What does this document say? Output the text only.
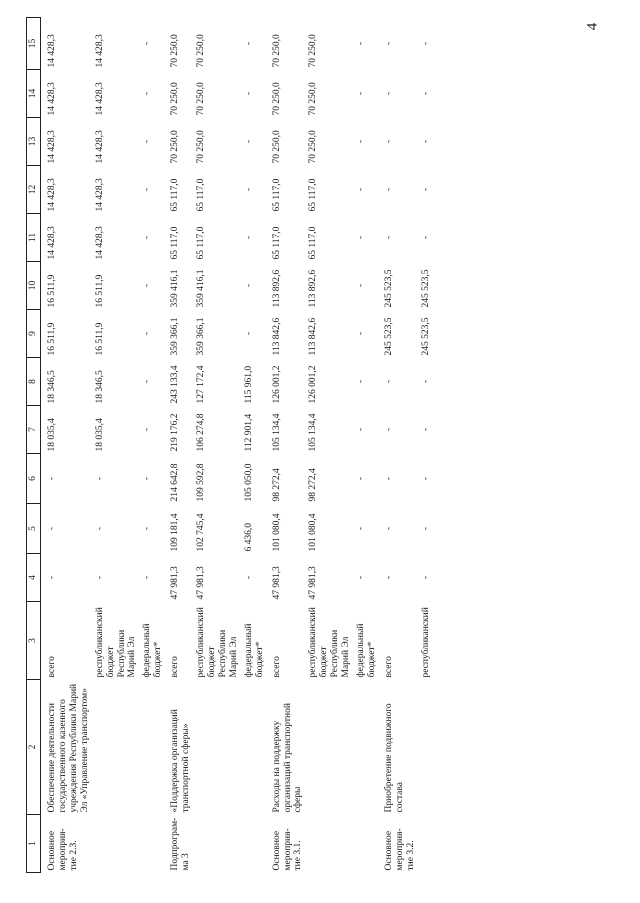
4
1	2	3	4	5	6	7	8	9	10	11	12	13	14	15
Основное мероприя-тие 2.3.	Обеспечение деятельности государственного казенного учреждения Республики Марий Эл «Управление транспортом»	всего	-	-	-	18 035,4	18 346,5	16 511,9	16 511,9	14 428,3	14 428,3	14 428,3	14 428,3	14 428,3
		республиканский бюджет Республики Марий Эл	-	-	-	18 035,4	18 346,5	16 511,9	16 511,9	14 428,3	14 428,3	14 428,3	14 428,3	14 428,3
		федеральный бюджет*	-	-	-	-	-	-	-	-	-	-	-	-
Подпрограм-ма 3	«Поддержка организаций транспортной сферы»	всего	47 981,3	109 181,4	214 642,8	219 176,2	243 133,4	359 366,1	359 416,1	65 117,0	65 117,0	70 250,0	70 250,0	70 250,0
		республиканский бюджет Республики Марий Эл	47 981,3	102 745,4	109 592,8	106 274,8	127 172,4	359 366,1	359 416,1	65 117,0	65 117,0	70 250,0	70 250,0	70 250,0
		федеральный бюджет*	-	6 436,0	105 050,0	112 901,4	115 961,0	-	-	-	-	-	-	-
Основное мероприя-тие 3.1.	Расходы на поддержку организаций транспортной сферы	всего	47 981,3	101 080,4	98 272,4	105 134,4	126 001,2	113 842,6	113 892,6	65 117,0	65 117,0	70 250,0	70 250,0	70 250,0
		республиканский бюджет Республики Марий Эл	47 981,3	101 080,4	98 272,4	105 134,4	126 001,2	113 842,6	113 892,6	65 117,0	65 117,0	70 250,0	70 250,0	70 250,0
		федеральный бюджет*	-	-	-	-	-	-	-	-	-	-	-	-
Основное мероприя-тие 3.2.	Приобретение подвижного состава	всего	-	-	-	-	-	245 523,5	245 523,5	-	-	-	-	-
		республиканский	-	-	-	-	-	245 523,5	245 523,5	-	-	-	-	-
